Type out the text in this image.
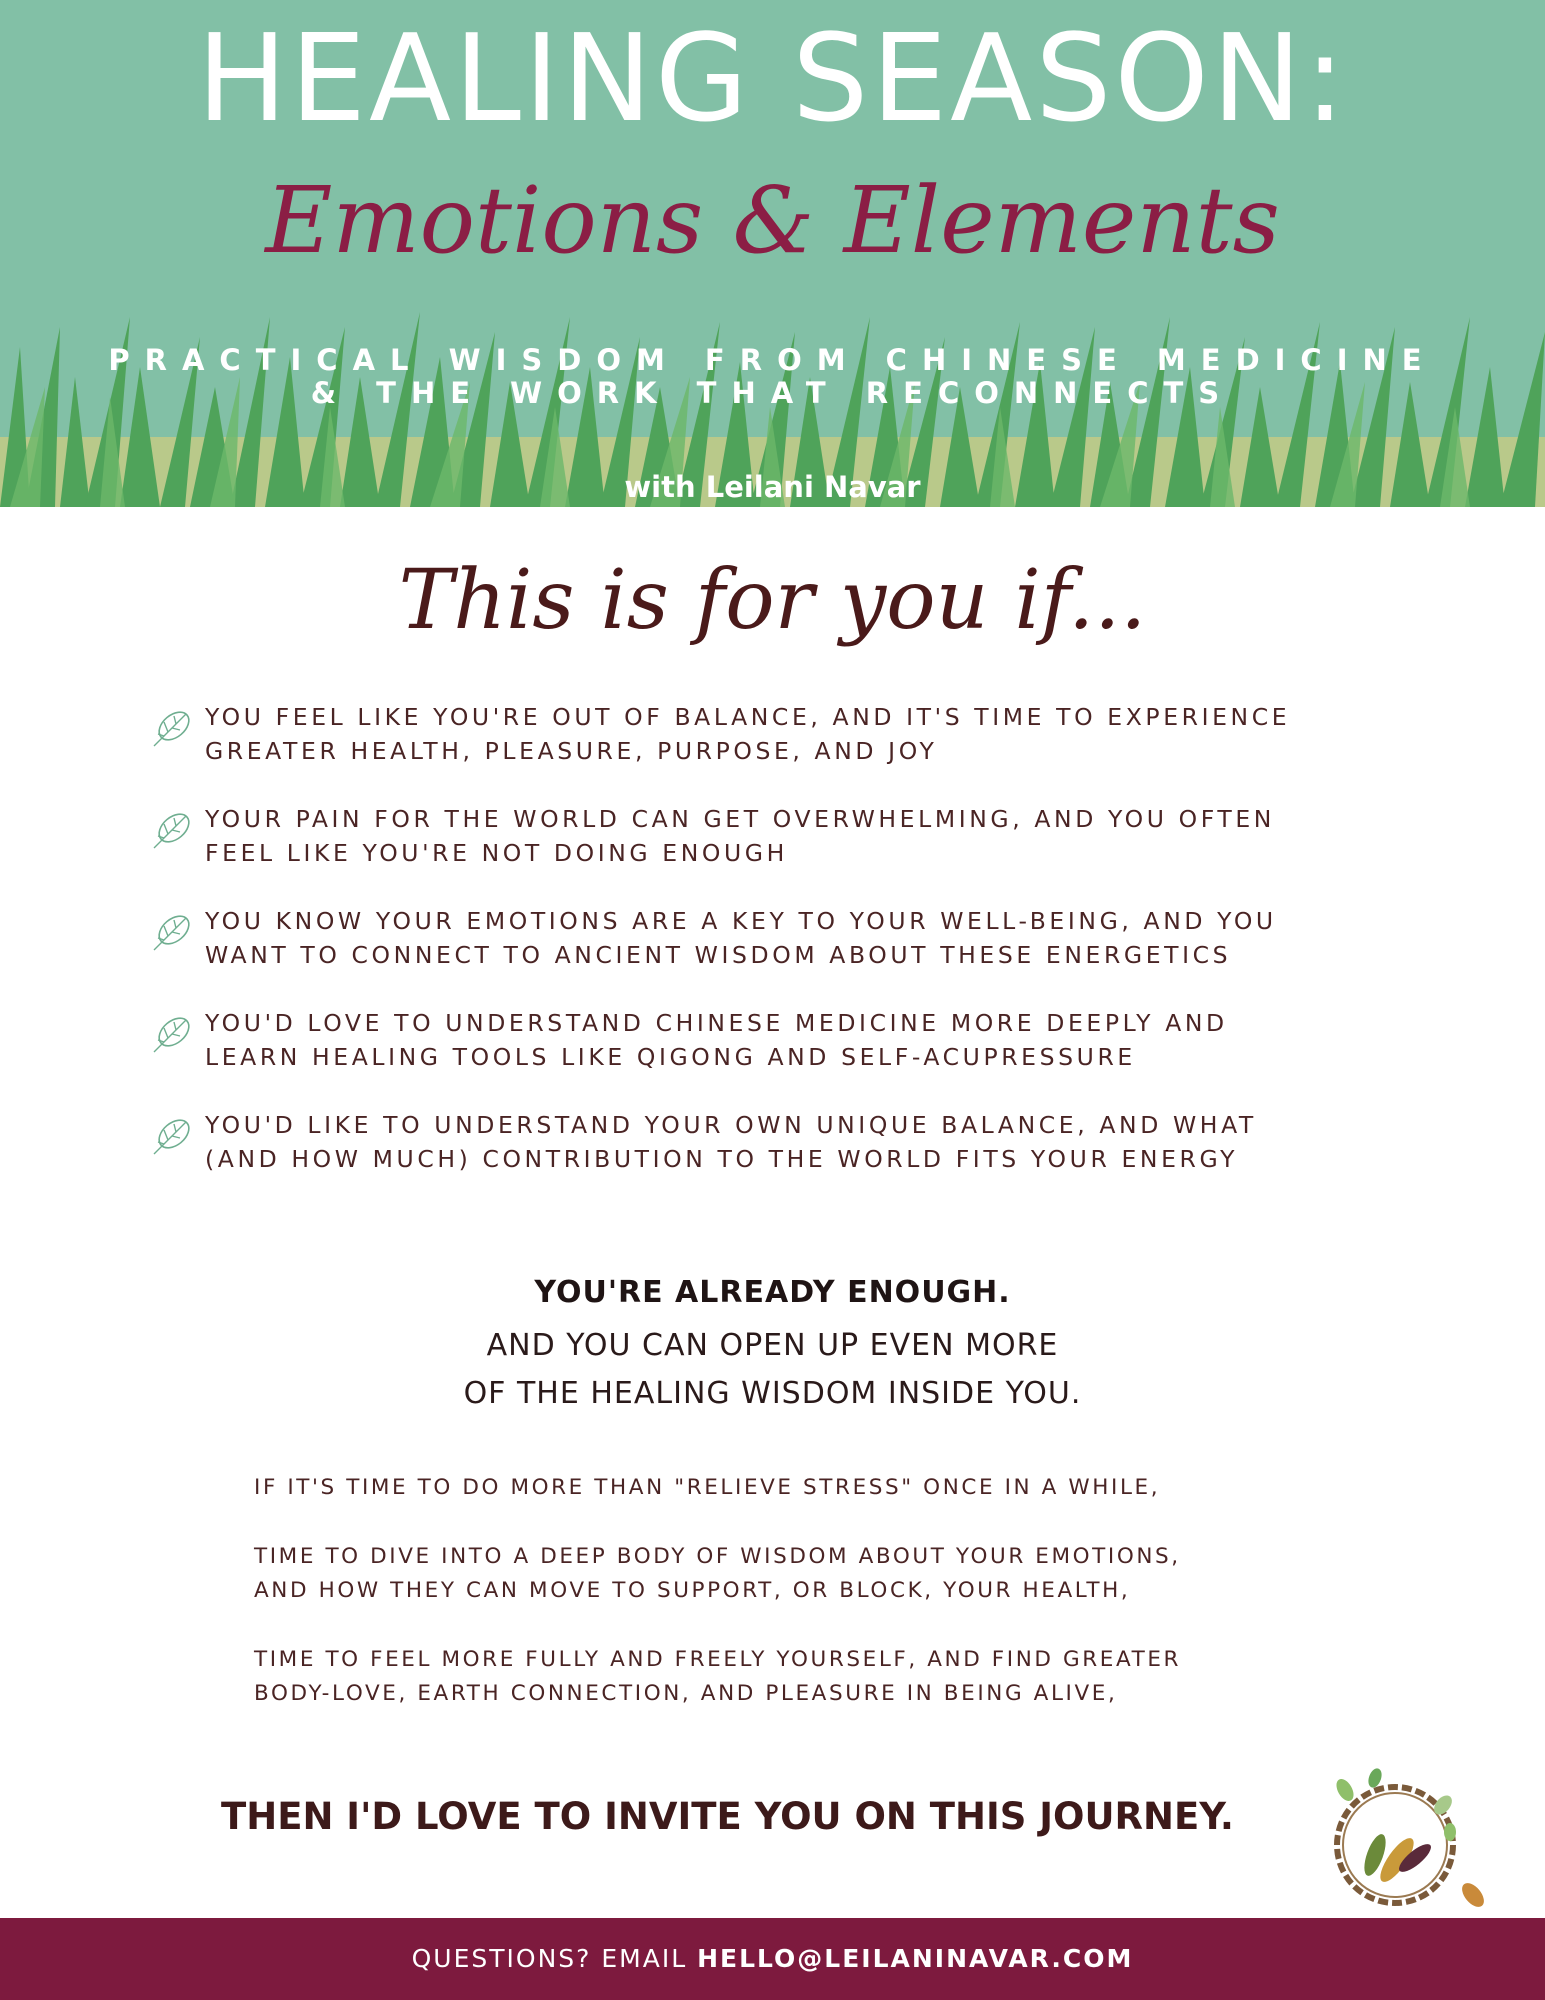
HEALING SEASON:
Emotions & Elements
PRACTICAL WISDOM FROM CHINESE MEDICINE
& THE WORK THAT RECONNECTS
with Leilani Navar
This is for you if...
YOU FEEL LIKE YOU'RE OUT OF BALANCE, AND IT'S TIME TO EXPERIENCE
GREATER HEALTH, PLEASURE, PURPOSE, AND JOY
YOUR PAIN FOR THE WORLD CAN GET OVERWHELMING, AND YOU OFTEN
FEEL LIKE YOU'RE NOT DOING ENOUGH
YOU KNOW YOUR EMOTIONS ARE A KEY TO YOUR WELL-BEING, AND YOU
WANT TO CONNECT TO ANCIENT WISDOM ABOUT THESE ENERGETICS
YOU'D LOVE TO UNDERSTAND CHINESE MEDICINE MORE DEEPLY AND
LEARN HEALING TOOLS LIKE QIGONG AND SELF-ACUPRESSURE
YOU'D LIKE TO UNDERSTAND YOUR OWN UNIQUE BALANCE, AND WHAT
(AND HOW MUCH) CONTRIBUTION TO THE WORLD FITS YOUR ENERGY
YOU'RE ALREADY ENOUGH.
AND YOU CAN OPEN UP EVEN MORE
OF THE HEALING WISDOM INSIDE YOU.
IF IT'S TIME TO DO MORE THAN "RELIEVE STRESS" ONCE IN A WHILE,
TIME TO DIVE INTO A DEEP BODY OF WISDOM ABOUT YOUR EMOTIONS,
AND HOW THEY CAN MOVE TO SUPPORT, OR BLOCK, YOUR HEALTH,
TIME TO FEEL MORE FULLY AND FREELY YOURSELF, AND FIND GREATER
BODY-LOVE, EARTH CONNECTION, AND PLEASURE IN BEING ALIVE,
THEN I'D LOVE TO INVITE YOU ON THIS JOURNEY.
QUESTIONS? EMAIL HELLO@LEILANINAVAR.COM
